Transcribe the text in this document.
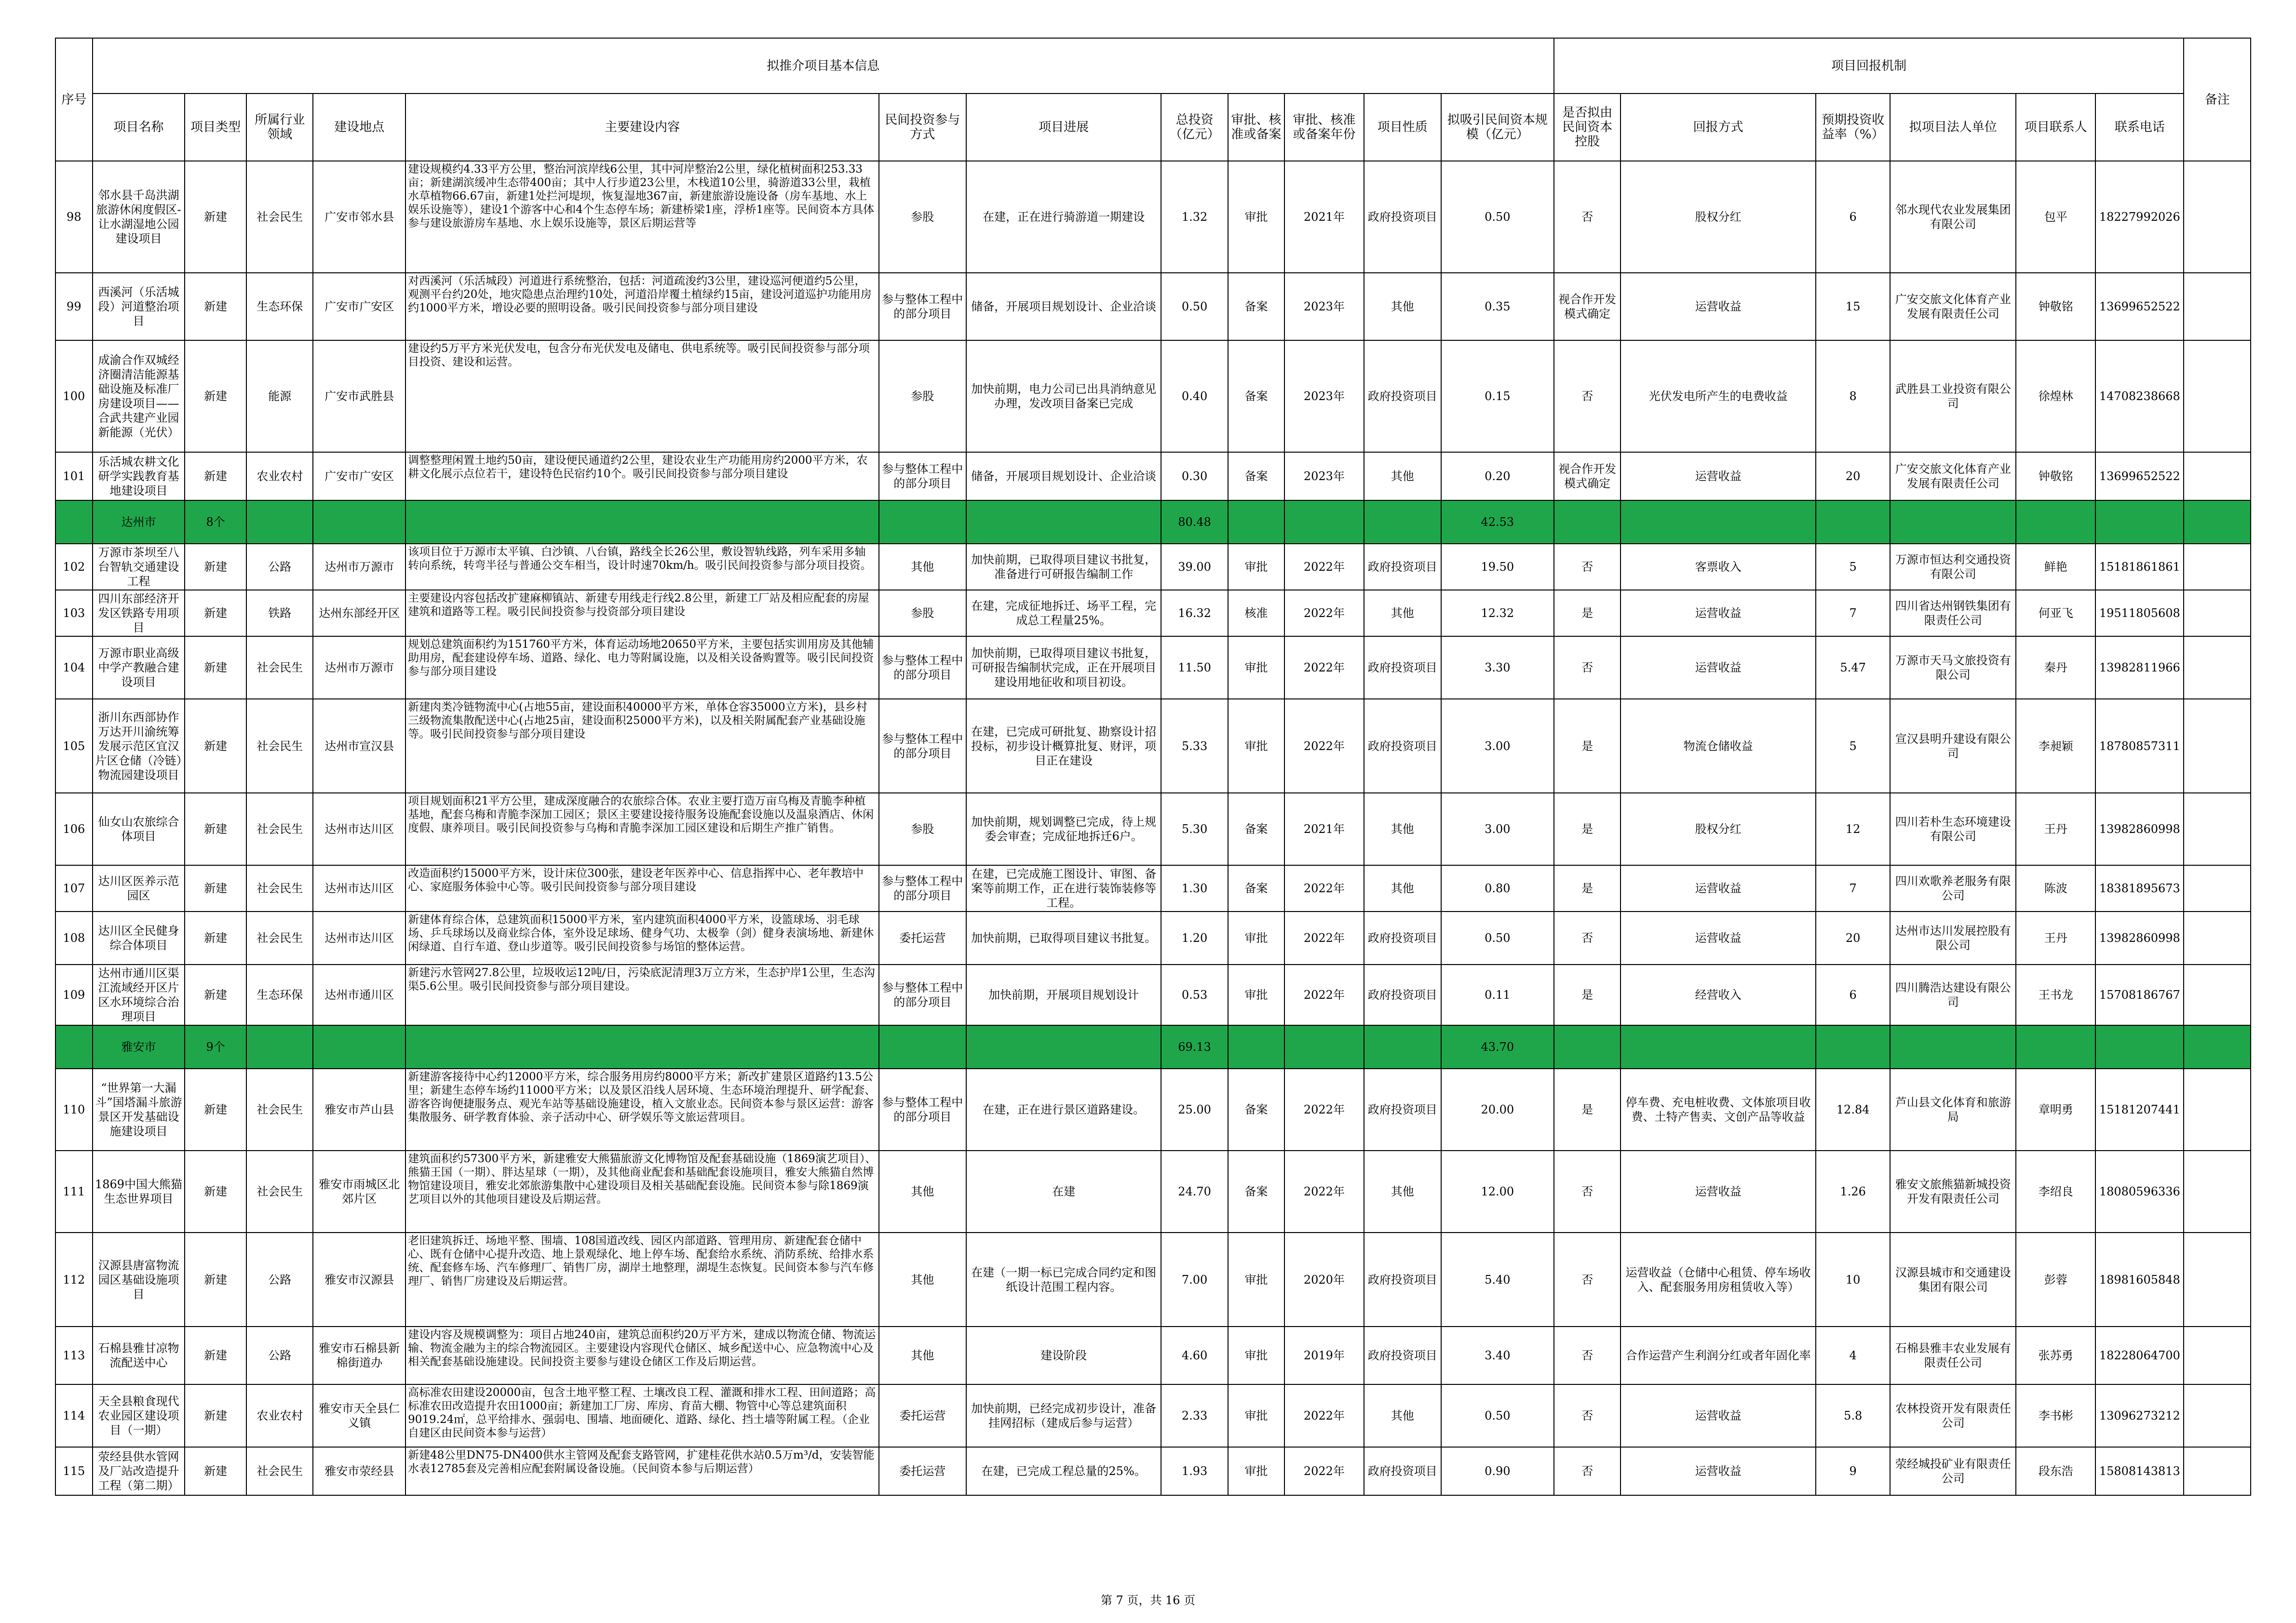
序号	拟推介项目基本信息												项目回报机制						备注
	项目名称	项目类型	所属行业领域	建设地点	主要建设内容	民间投资参与方式	项目进展	总投资（亿元）	审批、核准或备案	审批、核准或备案年份	项目性质	拟吸引民间资本规模（亿元）	是否拟由民间资本控股	回报方式	预期投资收益率（%）	拟项目法人单位	项目联系人	联系电话	
98	邻水县千岛洪湖旅游休闲度假区-让水湖湿地公园建设项目	新建	社会民生	广安市邻水县	建设规模约4.33平方公里，整治河滨岸线6公里，其中河岸整治2公里，绿化植树面积253.33亩；新建湖滨缓冲生态带400亩；其中人行步道23公里，木栈道10公里，骑游道33公里，栽植水草植物66.67亩，新建1处拦河堤坝，恢复湿地367亩，新建旅游设施设备（房车基地、水上娱乐设施等），建设1个游客中心和4个生态停车场；新建桥梁1座，浮桥1座等。民间资本方具体参与建设旅游房车基地、水上娱乐设施等，景区后期运营等	参股	在建，正在进行骑游道一期建设	1.32	审批	2021年	政府投资项目	0.50	否	股权分红	6	邻水现代农业发展集团有限公司	包平	18227992026	
99	西溪河（乐活城段）河道整治项目	新建	生态环保	广安市广安区	对西溪河（乐活城段）河道进行系统整治，包括：河道疏浚约3公里，建设巡河便道约5公里，观测平台约20处，地灾隐患点治理约10处，河道沿岸覆土植绿约15亩，建设河道巡护功能用房约1000平方米，增设必要的照明设备。吸引民间投资参与部分项目建设	参与整体工程中的部分项目	储备，开展项目规划设计、企业洽谈	0.50	备案	2023年	其他	0.35	视合作开发模式确定	运营收益	15	广安交旅文化体育产业发展有限责任公司	钟敬铭	13699652522	
100	成渝合作双城经济圈清洁能源基础设施及标准厂房建设项目——合武共建产业园新能源（光伏）	新建	能源	广安市武胜县	建设约5万平方米光伏发电，包含分布光伏发电及储电、供电系统等。吸引民间投资参与部分项目投资、建设和运营。	参股	加快前期，电力公司已出具消纳意见办理，发改项目备案已完成	0.40	备案	2023年	政府投资项目	0.15	否	光伏发电所产生的电费收益	8	武胜县工业投资有限公司	徐煌林	14708238668	
101	乐活城农耕文化研学实践教育基地建设项目	新建	农业农村	广安市广安区	调整整理闲置土地约50亩，建设便民通道约2公里，建设农业生产功能用房约2000平方米，农耕文化展示点位若干，建设特色民宿约10个。吸引民间投资参与部分项目建设	参与整体工程中的部分项目	储备，开展项目规划设计、企业洽谈	0.30	备案	2023年	其他	0.20	视合作开发模式确定	运营收益	20	广安交旅文化体育产业发展有限责任公司	钟敬铭	13699652522	
	达州市	8个						80.48				42.53							
102	万源市茶坝至八台智轨交通建设工程	新建	公路	达州市万源市	该项目位于万源市太平镇、白沙镇、八台镇，路线全长26公里，敷设智轨线路，列车采用多轴转向系统，转弯半径与普通公交车相当，设计时速70km/h。吸引民间投资参与部分项目投资。	其他	加快前期，已取得项目建议书批复，准备进行可研报告编制工作	39.00	审批	2022年	政府投资项目	19.50	否	客票收入	5	万源市恒达利交通投资有限公司	鲜艳	15181861861	
103	四川东部经济开发区铁路专用项目	新建	铁路	达州东部经开区	主要建设内容包括改扩建麻柳镇站、新建专用线走行线2.8公里，新建工厂站及相应配套的房屋建筑和道路等工程。吸引民间投资参与投资部分项目建设	参股	在建，完成征地拆迁、场平工程，完成总工程量25%。	16.32	核准	2022年	其他	12.32	是	运营收益	7	四川省达州钢铁集团有限责任公司	何亚飞	19511805608	
104	万源市职业高级中学产教融合建设项目	新建	社会民生	达州市万源市	规划总建筑面积约为151760平方米，体育运动场地20650平方米，主要包括实训用房及其他辅助用房，配套建设停车场、道路、绿化、电力等附属设施，以及相关设备购置等。吸引民间投资参与部分项目建设	参与整体工程中的部分项目	加快前期，已取得项目建议书批复，可研报告编制状完成，正在开展项目建设用地征收和项目初设。	11.50	审批	2022年	政府投资项目	3.30	否	运营收益	5.47	万源市天马文旅投资有限公司	秦丹	13982811966	
105	浙川东西部协作万达开川渝统筹发展示范区宜汉片区仓储（冷链）物流园建设项目	新建	社会民生	达州市宣汉县	新建肉类冷链物流中心(占地55亩，建设面积40000平方米，单体仓容35000立方米)，县乡村三级物流集散配送中心(占地25亩，建设面积25000平方米)，以及相关附属配套产业基础设施等。吸引民间投资参与部分项目建设	参与整体工程中的部分项目	在建，已完成可研批复、勘察设计招投标，初步设计概算批复、财评，项目正在建设	5.33	审批	2022年	政府投资项目	3.00	是	物流仓储收益	5	宣汉县明升建设有限公司	李昶颖	18780857311	
106	仙女山农旅综合体项目	新建	社会民生	达州市达川区	项目规划面积21平方公里，建成深度融合的农旅综合体。农业主要打造万亩乌梅及青脆李种植基地，配套乌梅和青脆李深加工园区；景区主要建设接待服务设施配套设施以及温泉酒店、休闲度假、康养项目。吸引民间投资参与乌梅和青脆李深加工园区建设和后期生产推广销售。	参股	加快前期，规划调整已完成，待上规委会审查；完成征地拆迁6户。	5.30	备案	2021年	其他	3.00	是	股权分红	12	四川若朴生态环境建设有限公司	王丹	13982860998	
107	达川区医养示范园区	新建	社会民生	达州市达川区	改造面积约15000平方米，设计床位300张，建设老年医养中心、信息指挥中心、老年教培中心、家庭服务体验中心等。吸引民间投资参与部分项目建设	参与整体工程中的部分项目	在建，已完成施工图设计、审图、备案等前期工作，正在进行装饰装修等工程。	1.30	备案	2022年	其他	0.80	是	运营收益	7	四川欢歌养老服务有限公司	陈波	18381895673	
108	达川区全民健身综合体项目	新建	社会民生	达州市达川区	新建体育综合体，总建筑面积15000平方米，室内建筑面积4000平方米，设篮球场、羽毛球场、乒乓球场以及商业综合体，室外设足球场、健身气功、太极拳（剑）健身表演场地、新建休闲绿道、自行车道、登山步道等。吸引民间投资参与场馆的整体运营。	委托运营	加快前期，已取得项目建议书批复。	1.20	审批	2022年	政府投资项目	0.50	否	运营收益	20	达州市达川发展控股有限公司	王丹	13982860998	
109	达州市通川区渠江流域经开区片区水环境综合治理项目	新建	生态环保	达州市通川区	新建污水管网27.8公里，垃圾收运12吨/日，污染底泥清理3万立方米，生态护岸1公里，生态沟渠5.6公里。吸引民间投资参与部分项目建设。	参与整体工程中的部分项目	加快前期，开展项目规划设计	0.53	审批	2022年	政府投资项目	0.11	是	经营收入	6	四川腾浩达建设有限公司	王书龙	15708186767	
	雅安市	9个						69.13				43.70							
110	“世界第一大漏斗”国塔漏斗旅游景区开发基础设施建设项目	新建	社会民生	雅安市芦山县	新建游客接待中心约12000平方米，综合服务用房约8000平方米；新改扩建景区道路约13.5公里；新建生态停车场约11000平方米；以及景区沿线人居环境、生态环境治理提升、研学配套、游客咨询便捷服务点、观光车站等基础设施建设，植入文旅业态。民间资本参与景区运营：游客集散服务、研学教育体验、亲子活动中心、研学娱乐等文旅运营项目。	参与整体工程中的部分项目	在建，正在进行景区道路建设。	25.00	备案	2022年	政府投资项目	20.00	是	停车费、充电桩收费、文体旅项目收费、土特产售卖、文创产品等收益	12.84	芦山县文化体育和旅游局	章明勇	15181207441	
111	1869中国大熊猫生态世界项目	新建	社会民生	雅安市雨城区北郊片区	建筑面积约57300平方米，新建雅安大熊猫旅游文化博物馆及配套基础设施（1869演艺项目）、熊猫王国（一期）、胖达星球（一期），及其他商业配套和基础配套设施项目，雅安大熊猫自然博物馆建设项目，雅安北郊旅游集散中心建设项目及相关基础配套设施。民间资本参与除1869演艺项目以外的其他项目建设及后期运营。	其他	在建	24.70	备案	2022年	其他	12.00	否	运营收益	1.26	雅安文旅熊猫新城投资开发有限责任公司	李绍良	18080596336	
112	汉源县唐富物流园区基础设施项目	新建	公路	雅安市汉源县	老旧建筑拆迁、场地平整、围墙、108国道改线、园区内部道路、管理用房、新建配套仓储中心、既有仓储中心提升改造、地上景观绿化、地上停车场、配套给水系统、消防系统、给排水系统、配套修车场、汽车修理厂、销售厂房，湖岸土地整理，湖堤生态恢复。民间资本参与汽车修理厂、销售厂房建设及后期运营。	其他	在建（一期一标已完成合同约定和图纸设计范围工程内容。	7.00	审批	2020年	政府投资项目	5.40	否	运营收益（仓储中心租赁、停车场收入、配套服务用房租赁收入等）	10	汉源县城市和交通建设集团有限公司	彭蓉	18981605848	
113	石棉县雅甘凉物流配送中心	新建	公路	雅安市石棉县新棉街道办	建设内容及规模调整为：项目占地240亩，建筑总面积约20万平方米，建成以物流仓储、物流运输、物流金融为主的综合物流园区。主要建设内容现代仓储区、城乡配送中心、应急物流中心及相关配套基础设施建设。民间投资主要参与建设仓储区工作及后期运营。	其他	建设阶段	4.60	审批	2019年	政府投资项目	3.40	否	合作运营产生利润分红或者年固化率	4	石棉县雅丰农业发展有限责任公司	张苏勇	18228064700	
114	天全县粮食现代农业园区建设项目（一期）	新建	农业农村	雅安市天全县仁义镇	高标准农田建设20000亩，包含土地平整工程、土壤改良工程、灌溉和排水工程、田间道路；高标准农田改造提升农田1000亩；新建加工厂房、库房、育苗大棚、物管中心等总建筑面积9019.24㎡，总平给排水、强弱电、围墙、地面硬化、道路、绿化、挡土墙等附属工程。（企业自建区由民间资本参与运营）	委托运营	加快前期，已经完成初步设计，准备挂网招标（建成后参与运营）	2.33	审批	2022年	其他	0.50	否	运营收益	5.8	农林投资开发有限责任公司	李书彬	13096273212	
115	荥经县供水管网及厂站改造提升工程（第二期）	新建	社会民生	雅安市荥经县	新建48公里DN75-DN400供水主管网及配套支路管网，扩建桂花供水站0.5万m³/d，安装智能水表12785套及完善相应配套附属设备设施。（民间资本参与后期运营）	委托运营	在建，已完成工程总量的25%。	1.93	审批	2022年	政府投资项目	0.90	否	运营收益	9	荥经城投矿业有限责任公司	段东浩	15808143813	
第 7 页，共 16 页
